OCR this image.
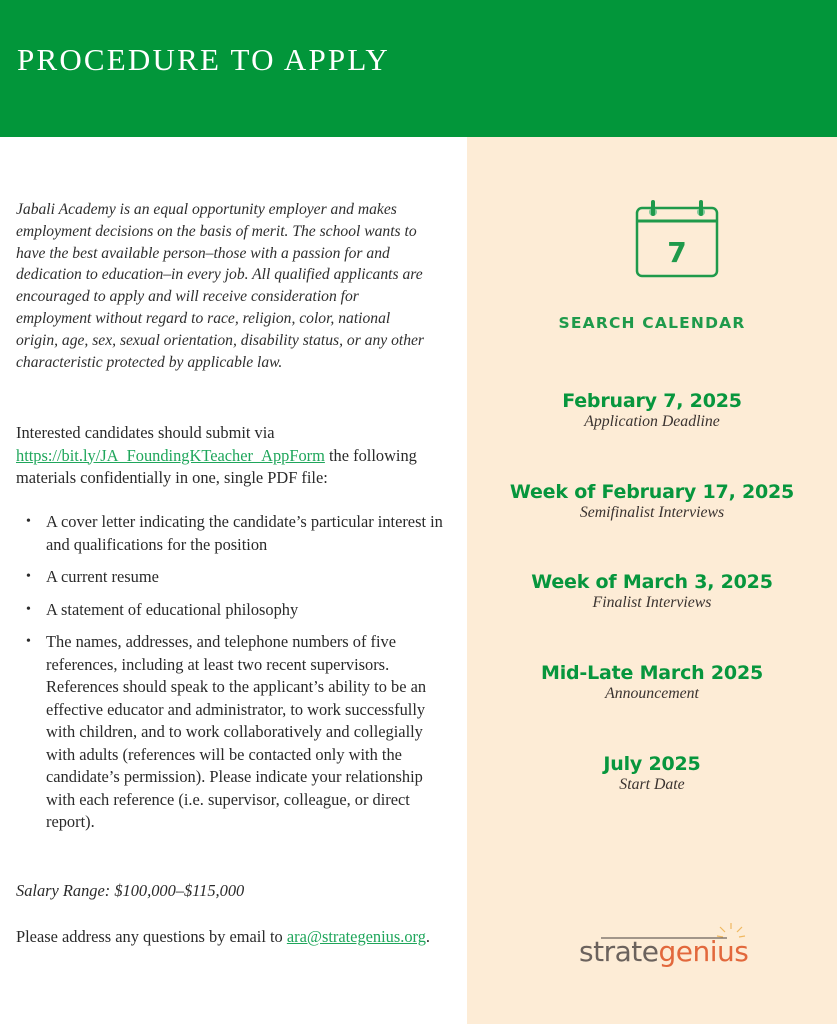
PROCEDURE TO APPLY

Jabali Academy is an equal opportunity employer and makes employment decisions on the basis of merit. The school wants to have the best available person–those with a passion for and dedication to education–in every job. All qualified applicants are encouraged to apply and will receive consideration for employment without regard to race, religion, color, national origin, age, sex, sexual orientation, disability status, or any other characteristic protected by applicable law.

Interested candidates should submit via https://bit.ly/JA_FoundingKTeacher_AppForm the following materials confidentially in one, single PDF file:

• A cover letter indicating the candidate’s particular interest in and qualifications for the position
• A current resume
• A statement of educational philosophy
• The names, addresses, and telephone numbers of five references, including at least two recent supervisors. References should speak to the applicant’s ability to be an effective educator and administrator, to work successfully with children, and to work collaboratively and collegially with adults (references will be contacted only with the candidate’s permission). Please indicate your relationship with each reference (i.e. supervisor, colleague, or direct report).

Salary Range: $100,000–$115,000

Please address any questions by email to ara@strategenius.org.

7
SEARCH CALENDAR
February 7, 2025
Application Deadline
Week of February 17, 2025
Semifinalist Interviews
Week of March 3, 2025
Finalist Interviews
Mid-Late March 2025
Announcement
July 2025
Start Date
strategenius
